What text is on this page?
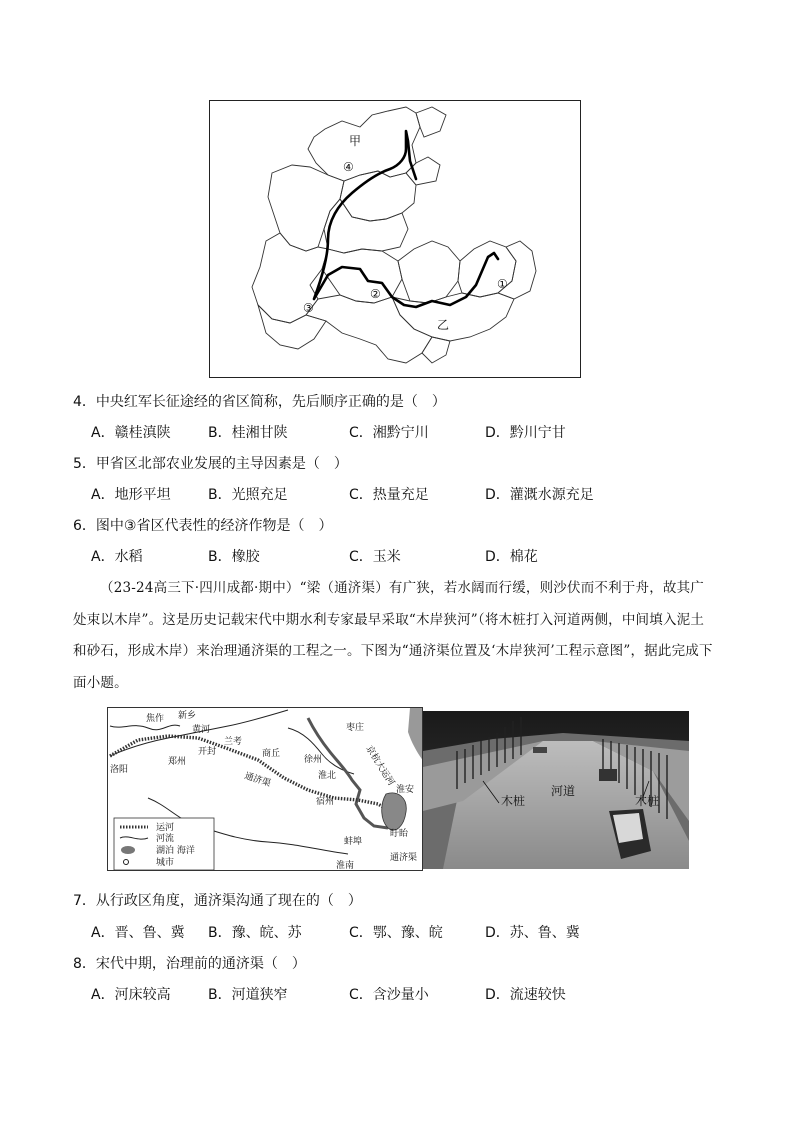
甲
④
①
②
③
乙
4．中央红军长征途经的省区简称，先后顺序正确的是（　）
A．赣桂滇陕	B．桂湘甘陕	C．湘黔宁川	D．黔川宁甘
5．甲省区北部农业发展的主导因素是（　）
A．地形平坦	B．光照充足	C．热量充足	D．灌溉水源充足
6．图中③省区代表性的经济作物是（　）
A．水稻	B．橡胶	C．玉米	D．棉花
（23-24高三下·四川成都·期中）“梁（通济渠）有广狭，若水阔而行缓，则沙伏而不利于舟，故其广
处束以木岸”。这是历史记载宋代中期水利专家最早采取“木岸狭河”（将木桩打入河道两侧，中间填入泥土
和砂石，形成木岸）来治理通济渠的工程之一。下图为“通济渠位置及‘木岸狭河’工程示意图”，据此完成下
面小题。
焦作 新乡
黄河
兰考
开封	商丘
郑州
洛阳
通济渠	淮北
徐州
枣庄
京杭大运河
淮安
宿州
盱眙
蚌埠
淮南
通济渠
运河
河流
湖泊 海洋
城市
木桩
河道
木桩
7．从行政区角度，通济渠沟通了现在的（　）
A．晋、鲁、冀 B．豫、皖、苏	C．鄂、豫、皖	D．苏、鲁、冀
8．宋代中期，治理前的通济渠（　）
A．河床较高	B．河道狭窄	C．含沙量小	D．流速较快
